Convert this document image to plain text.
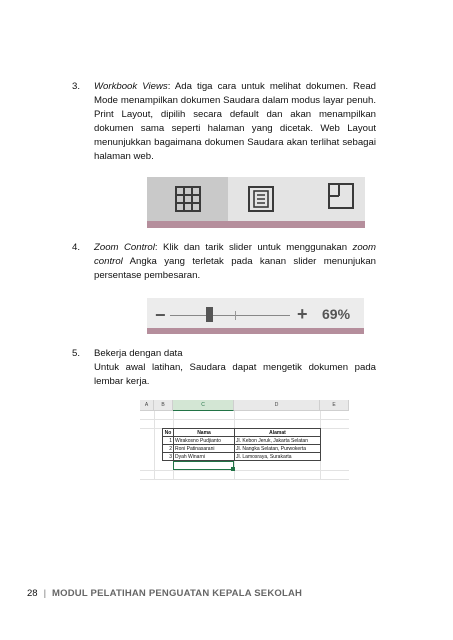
3. Workbook Views: Ada tiga cara untuk melihat dokumen. Read Mode menampilkan dokumen Saudara dalam modus layar penuh. Print Layout, dipilih secara default dan akan menampilkan dokumen sama seperti halaman yang dicetak. Web Layout menunjukkan bagaimana dokumen Saudara akan terlihat sebagai halaman web.

4. Zoom Control: Klik dan tarik slider untuk menggunakan zoom control Angka yang terletak pada kanan slider menunjukan persentase pembesaran.

−	+ 69%
5. Bekerja dengan data

Untuk awal latihan, Saudara dapat mengetik dokumen pada lembar kerja.

A	B	C	D	E
No	Nama	Alamat
1	Wirakosno Pudjianto	Jl. Kebon Jeruk, Jakarta Selatan
2	Roni Patinasarani	Jl. Nangka Selatan, Purwokerta
3	Dyah Winarni	Jl. Lamosraya, Surakarta
28 | MODUL PELATIHAN PENGUATAN KEPALA SEKOLAH
